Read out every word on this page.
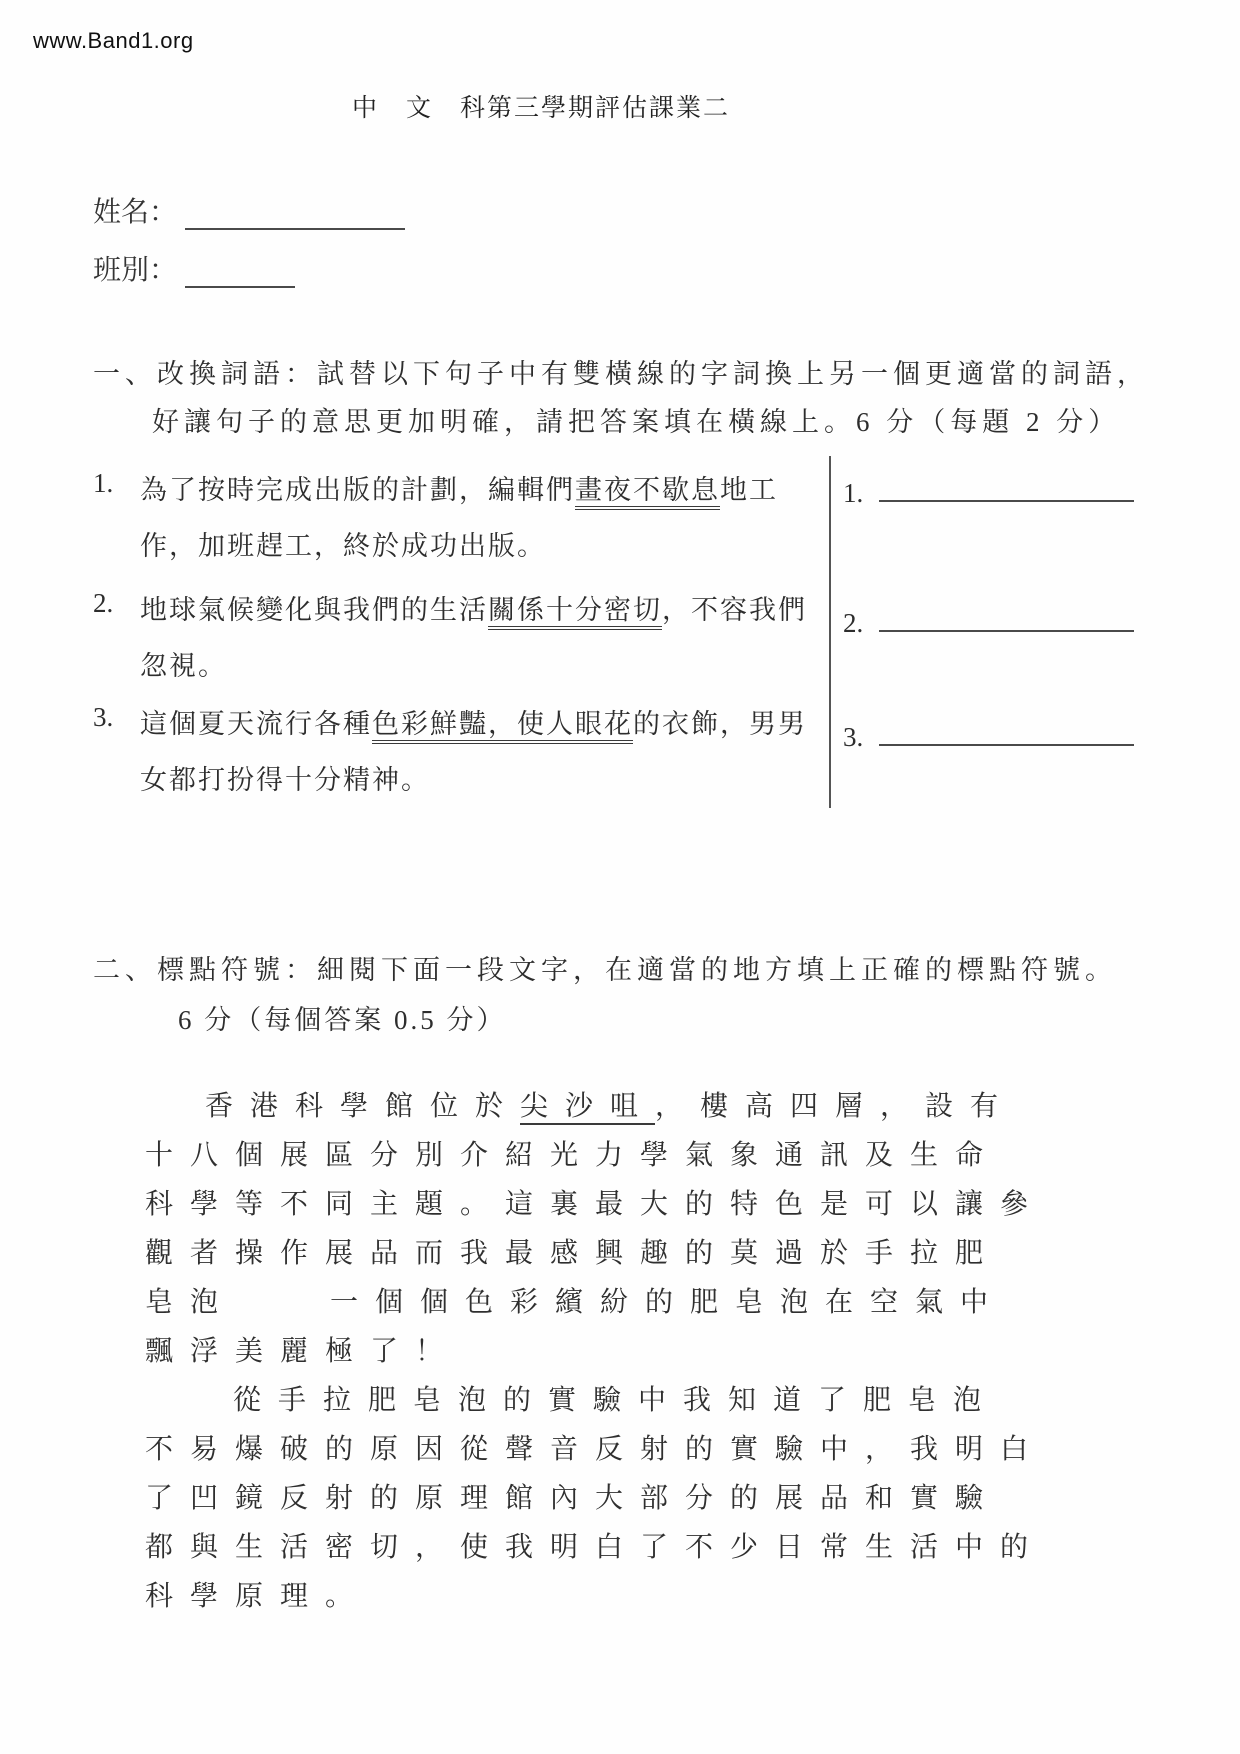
www.Band1.org
中　文　科第三學期評估課業二
姓名：
班別：
一、改換詞語：試替以下句子中有雙橫線的字詞換上另一個更適當的詞語，
好讓句子的意思更加明確，請把答案填在橫線上。6 分（每題 2 分）
1. 為了按時完成出版的計劃，編輯們畫夜不歇息地工
作，加班趕工，終於成功出版。
2. 地球氣候變化與我們的生活關係十分密切，不容我們
忽視。
3. 這個夏天流行各種色彩鮮豔，使人眼花的衣飾，男男
女都打扮得十分精神。
1.
2.
3.
二、標點符號：細閱下面一段文字，在適當的地方填上正確的標點符號。
6 分（每個答案 0.5 分）
香港科學館位於尖沙咀，樓高四層，設有
十八個展區分別介紹光力學氣象通訊及生命
科學等不同主題。這裏最大的特色是可以讓參
觀者操作展品而我最感興趣的莫過於手拉肥
皂泡	一個個色彩繽紛的肥皂泡在空氣中
飄浮美麗極了！
從手拉肥皂泡的實驗中我知道了肥皂泡
不易爆破的原因從聲音反射的實驗中，我明白
了凹鏡反射的原理館內大部分的展品和實驗
都與生活密切，使我明白了不少日常生活中的
科學原理。
